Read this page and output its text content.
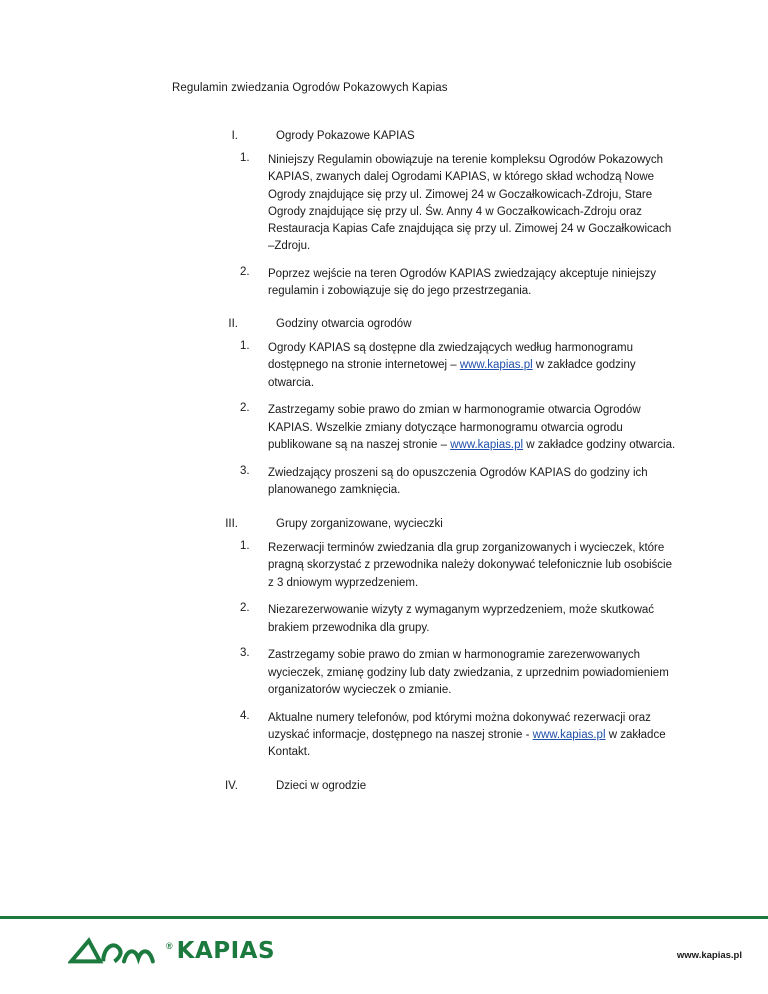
Regulamin zwiedzania Ogrodów Pokazowych Kapias
I.	Ogrody Pokazowe KAPIAS
1.	Niniejszy Regulamin obowiązuje na terenie kompleksu Ogrodów Pokazowych KAPIAS, zwanych dalej Ogrodami KAPIAS, w którego skład wchodzą Nowe Ogrody znajdujące się przy ul. Zimowej 24 w Goczałkowicach-Zdroju, Stare Ogrody znajdujące się przy ul. Św. Anny 4 w Goczałkowicach-Zdroju oraz Restauracja Kapias Cafe znajdująca się przy ul. Zimowej 24 w Goczałkowicach –Zdroju.
2.	Poprzez wejście na teren Ogrodów KAPIAS zwiedzający akceptuje niniejszy regulamin i zobowiązuje się do jego przestrzegania.
II.	Godziny otwarcia ogrodów
1.	Ogrody KAPIAS są dostępne dla zwiedzających według harmonogramu dostępnego na stronie internetowej – www.kapias.pl w zakładce godziny otwarcia.
2.	Zastrzegamy sobie prawo do zmian w harmonogramie otwarcia Ogrodów KAPIAS. Wszelkie zmiany dotyczące harmonogramu otwarcia ogrodu publikowane są na naszej stronie – www.kapias.pl w zakładce godziny otwarcia.
3.	Zwiedzający proszeni są do opuszczenia Ogrodów KAPIAS do godziny ich planowanego zamknięcia.
III.	Grupy zorganizowane, wycieczki
1.	Rezerwacji terminów zwiedzania dla grup zorganizowanych i wycieczek, które pragną skorzystać z przewodnika należy dokonywać telefonicznie lub osobiście z 3 dniowym wyprzedzeniem.
2.	Niezarezerwowanie wizyty z wymaganym wyprzedzeniem, może skutkować brakiem przewodnika dla grupy.
3.	Zastrzegamy sobie prawo do zmian w harmonogramie zarezerwowanych wycieczek, zmianę godziny lub daty zwiedzania, z uprzednim powiadomieniem organizatorów wycieczek o zmianie.
4.	Aktualne numery telefonów, pod którymi można dokonywać rezerwacji oraz uzyskać informacje, dostępnego na naszej stronie - www.kapias.pl w zakładce Kontakt.
IV.	Dzieci w ogrodzie
® KAPIAS	www.kapias.pl
